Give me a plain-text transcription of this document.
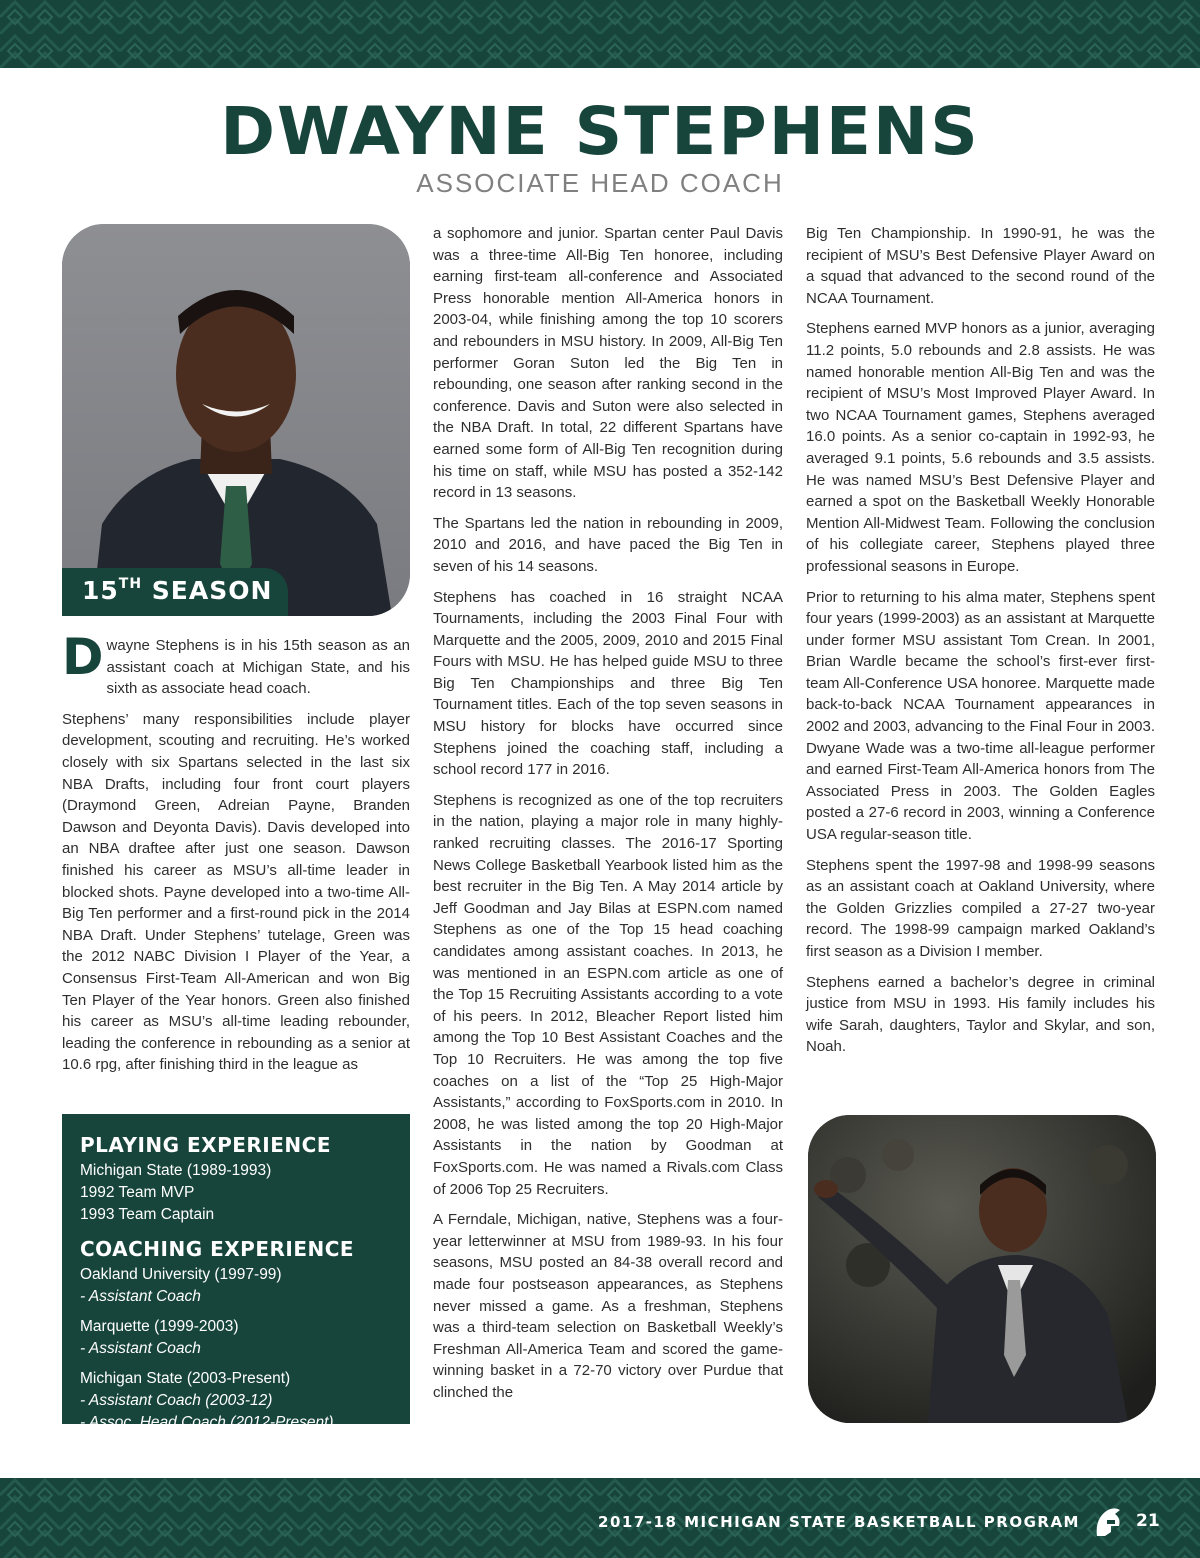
DWAYNE STEPHENS
ASSOCIATE HEAD COACH
15TH SEASON

Dwayne Stephens is in his 15th season as an assistant coach at Michigan State, and his sixth as associate head coach.

Stephens’ many responsibilities include player development, scouting and recruiting. He’s worked closely with six Spartans selected in the last six NBA Drafts, including four front court players (Draymond Green, Adreian Payne, Branden Dawson and Deyonta Davis). Davis developed into an NBA draftee after just one season. Dawson finished his career as MSU’s all-time leader in blocked shots. Payne developed into a two-time All-Big Ten performer and a first-round pick in the 2014 NBA Draft. Under Stephens’ tutelage, Green was the 2012 NABC Division I Player of the Year, a Consensus First-Team All-American and won Big Ten Player of the Year honors. Green also finished his career as MSU’s all-time leading rebounder, leading the conference in rebounding as a senior at 10.6 rpg, after finishing third in the league as

PLAYING EXPERIENCE
Michigan State (1989-1993)
1992 Team MVP
1993 Team Captain
COACHING EXPERIENCE
Oakland University (1997-99)
- Assistant Coach
Marquette (1999-2003)
- Assistant Coach
Michigan State (2003-Present)
- Assistant Coach (2003-12)
- Assoc. Head Coach (2012-Present)

a sophomore and junior. Spartan center Paul Davis was a three-time All-Big Ten honoree, including earning first-team all-conference and Associated Press honorable mention All-America honors in 2003-04, while finishing among the top 10 scorers and rebounders in MSU history. In 2009, All-Big Ten performer Goran Suton led the Big Ten in rebounding, one season after ranking second in the conference. Davis and Suton were also selected in the NBA Draft. In total, 22 different Spartans have earned some form of All-Big Ten recognition during his time on staff, while MSU has posted a 352-142 record in 13 seasons.

The Spartans led the nation in rebounding in 2009, 2010 and 2016, and have paced the Big Ten in seven of his 14 seasons.

Stephens has coached in 16 straight NCAA Tournaments, including the 2003 Final Four with Marquette and the 2005, 2009, 2010 and 2015 Final Fours with MSU. He has helped guide MSU to three Big Ten Championships and three Big Ten Tournament titles. Each of the top seven seasons in MSU history for blocks have occurred since Stephens joined the coaching staff, including a school record 177 in 2016.

Stephens is recognized as one of the top recruiters in the nation, playing a major role in many highly-ranked recruiting classes. The 2016-17 Sporting News College Basketball Yearbook listed him as the best recruiter in the Big Ten. A May 2014 article by Jeff Goodman and Jay Bilas at ESPN.com named Stephens as one of the Top 15 head coaching candidates among assistant coaches. In 2013, he was mentioned in an ESPN.com article as one of the Top 15 Recruiting Assistants according to a vote of his peers. In 2012, Bleacher Report listed him among the Top 10 Best Assistant Coaches and the Top 10 Recruiters. He was among the top five coaches on a list of the “Top 25 High-Major Assistants,” according to FoxSports.com in 2010. In 2008, he was listed among the top 20 High-Major Assistants in the nation by Goodman at FoxSports.com. He was named a Rivals.com Class of 2006 Top 25 Recruiters.

A Ferndale, Michigan, native, Stephens was a four-year letterwinner at MSU from 1989-93. In his four seasons, MSU posted an 84-38 overall record and made four postseason appearances, as Stephens never missed a game. As a freshman, Stephens was a third-team selection on Basketball Weekly’s Freshman All-America Team and scored the game-winning basket in a 72-70 victory over Purdue that clinched the

Big Ten Championship. In 1990-91, he was the recipient of MSU’s Best Defensive Player Award on a squad that advanced to the second round of the NCAA Tournament.

Stephens earned MVP honors as a junior, averaging 11.2 points, 5.0 rebounds and 2.8 assists. He was named honorable mention All-Big Ten and was the recipient of MSU’s Most Improved Player Award. In two NCAA Tournament games, Stephens averaged 16.0 points. As a senior co-captain in 1992-93, he averaged 9.1 points, 5.6 rebounds and 3.5 assists. He was named MSU’s Best Defensive Player and earned a spot on the Basketball Weekly Honorable Mention All-Midwest Team. Following the conclusion of his collegiate career, Stephens played three professional seasons in Europe.

Prior to returning to his alma mater, Stephens spent four years (1999-2003) as an assistant at Marquette under former MSU assistant Tom Crean. In 2001, Brian Wardle became the school’s first-ever first-team All-Conference USA honoree. Marquette made back-to-back NCAA Tournament appearances in 2002 and 2003, advancing to the Final Four in 2003. Dwyane Wade was a two-time all-league performer and earned First-Team All-America honors from The Associated Press in 2003. The Golden Eagles posted a 27-6 record in 2003, winning a Conference USA regular-season title.

Stephens spent the 1997-98 and 1998-99 seasons as an assistant coach at Oakland University, where the Golden Grizzlies compiled a 27-27 two-year record. The 1998-99 campaign marked Oakland’s first season as a Division I member.

Stephens earned a bachelor’s degree in criminal justice from MSU in 1993. His family includes his wife Sarah, daughters, Taylor and Skylar, and son, Noah.

2017-18 MICHIGAN STATE BASKETBALL PROGRAM	21
